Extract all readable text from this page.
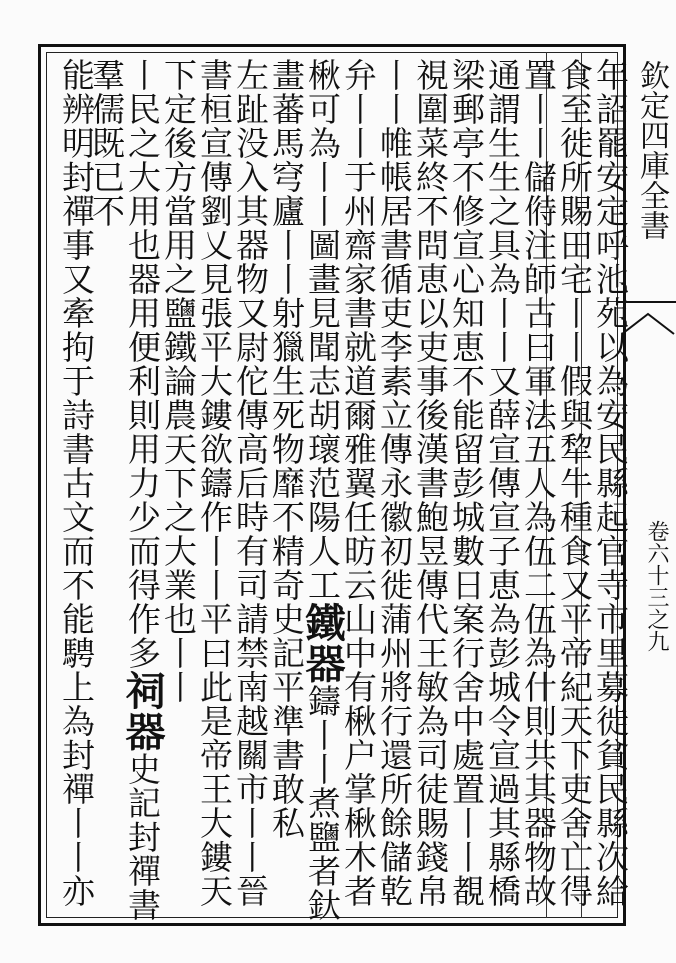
欽定四庫全書
卷六十三之九
年詔罷安定呼池苑以為安民縣起官寺市里募徙貧民縣次給
食至徙所賜田宅丨丨假與犂牛種食又平帝紀天下吏舍亡得
置丨丨儲偫注師古曰軍法五人為伍二伍為什則共其器物故
通謂生生之具為丨丨又薛宣傳宣子恵為彭城令宣過其縣橋
梁郵亭不修宣心知恵不能留彭城數日案行舍中處置丨丨覩
視圍菜終不問恵以吏事後漢書鮑昱傳代王敏為司徒賜錢帛
丨丨帷帳居書循吏李素立傳永徽初徙蒲州將行還所餘儲乾
弁丨丨于州齋家書就道爾雅翼任昉云山中有楸户掌楸木者
楸可為丨丨圖畫見聞志胡瓌范陽人工鐵器鑄丨丨煮鹽者釱
畫蕃馬穹廬丨丨射獵生死物靡不精奇史記平準書敢私
左趾没入其器物又尉佗傳高后時有司請禁南越關市丨丨晉
書桓宣傳劉乂見張平大鏤欲鑄作丨丨平曰此是帝王大鏤天
下定後方當用之鹽鐵論農天下之大業也丨丨
丨民之大用也器用便利則用力少而得作多祠器史記封禪書
羣儒既已不
能辨明封禪事又牽拘于詩書古文而不能騁上為封禪丨丨亦
